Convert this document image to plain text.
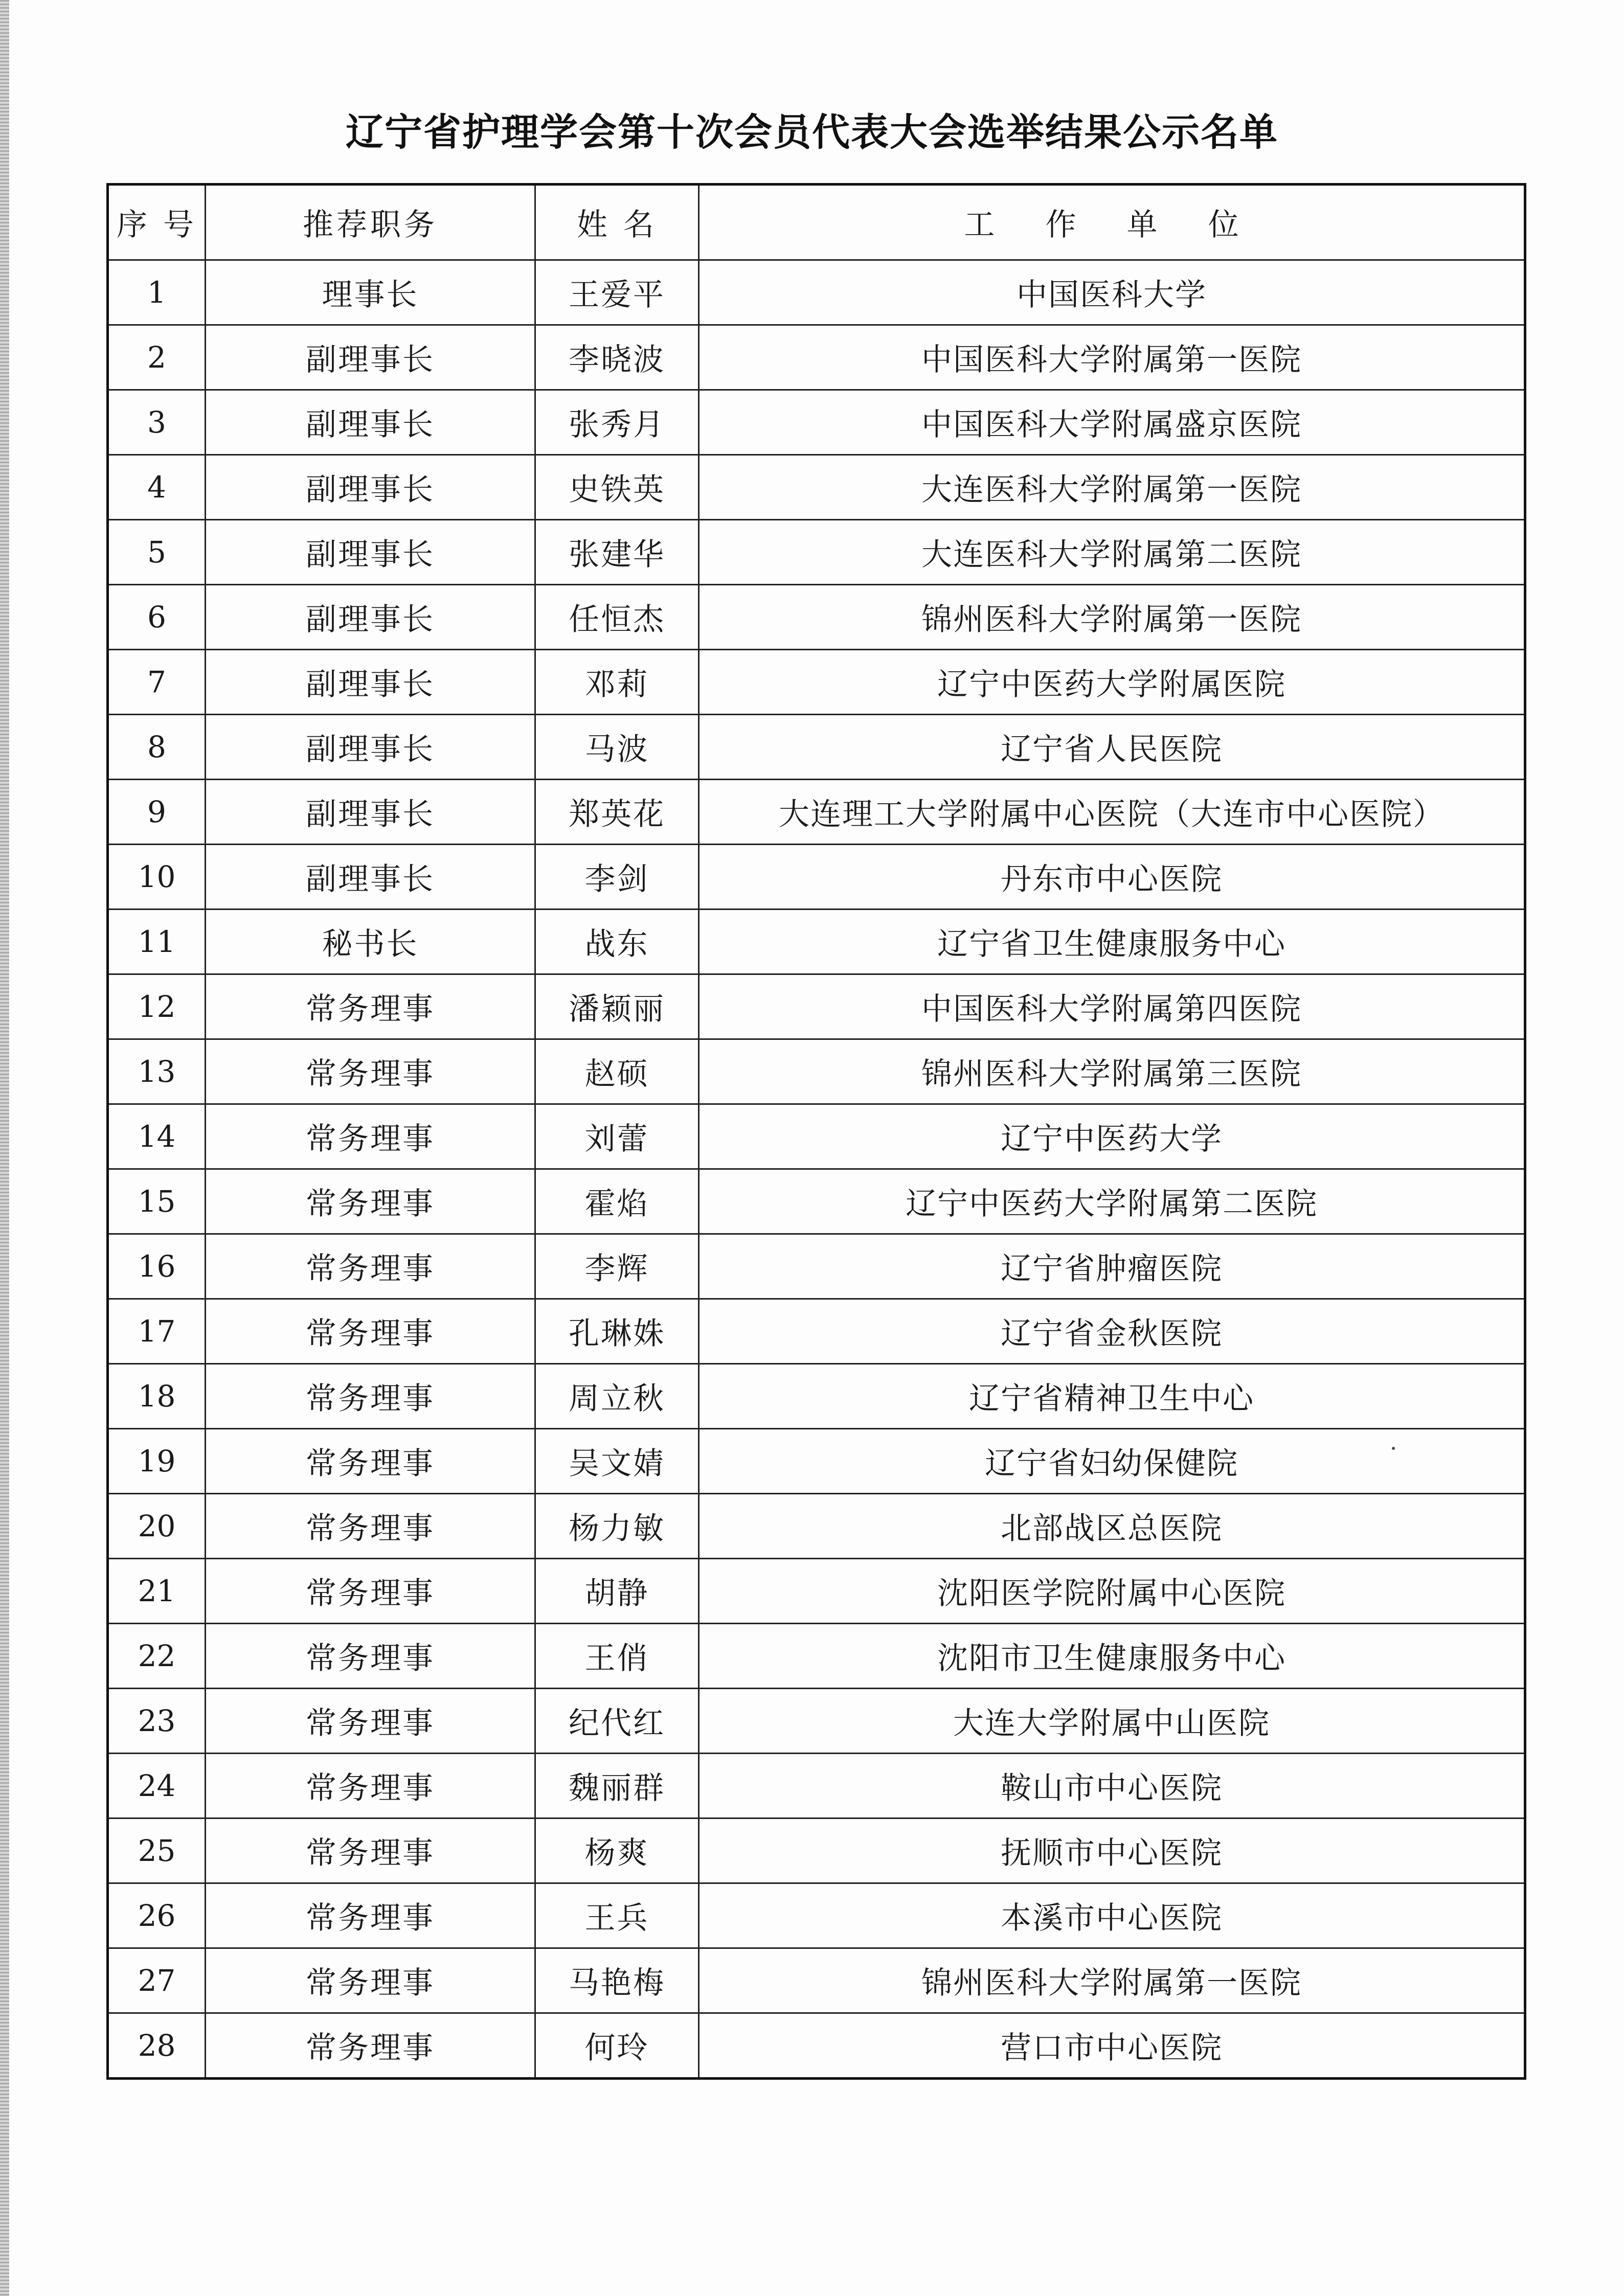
辽宁省护理学会第十次会员代表大会选举结果公示名单
序 号	推荐职务	姓 名	工 作 单 位
1	理事长	王爱平	中国医科大学
2	副理事长	李晓波	中国医科大学附属第一医院
3	副理事长	张秀月	中国医科大学附属盛京医院
4	副理事长	史铁英	大连医科大学附属第一医院
5	副理事长	张建华	大连医科大学附属第二医院
6	副理事长	任恒杰	锦州医科大学附属第一医院
7	副理事长	邓莉	辽宁中医药大学附属医院
8	副理事长	马波	辽宁省人民医院
9	副理事长	郑英花	大连理工大学附属中心医院（大连市中心医院）
10	副理事长	李剑	丹东市中心医院
11	秘书长	战东	辽宁省卫生健康服务中心
12	常务理事	潘颖丽	中国医科大学附属第四医院
13	常务理事	赵硕	锦州医科大学附属第三医院
14	常务理事	刘蕾	辽宁中医药大学
15	常务理事	霍焰	辽宁中医药大学附属第二医院
16	常务理事	李辉	辽宁省肿瘤医院
17	常务理事	孔琳姝	辽宁省金秋医院
18	常务理事	周立秋	辽宁省精神卫生中心
19	常务理事	吴文婧	辽宁省妇幼保健院
20	常务理事	杨力敏	北部战区总医院
21	常务理事	胡静	沈阳医学院附属中心医院
22	常务理事	王俏	沈阳市卫生健康服务中心
23	常务理事	纪代红	大连大学附属中山医院
24	常务理事	魏丽群	鞍山市中心医院
25	常务理事	杨爽	抚顺市中心医院
26	常务理事	王兵	本溪市中心医院
27	常务理事	马艳梅	锦州医科大学附属第一医院
28	常务理事	何玲	营口市中心医院
